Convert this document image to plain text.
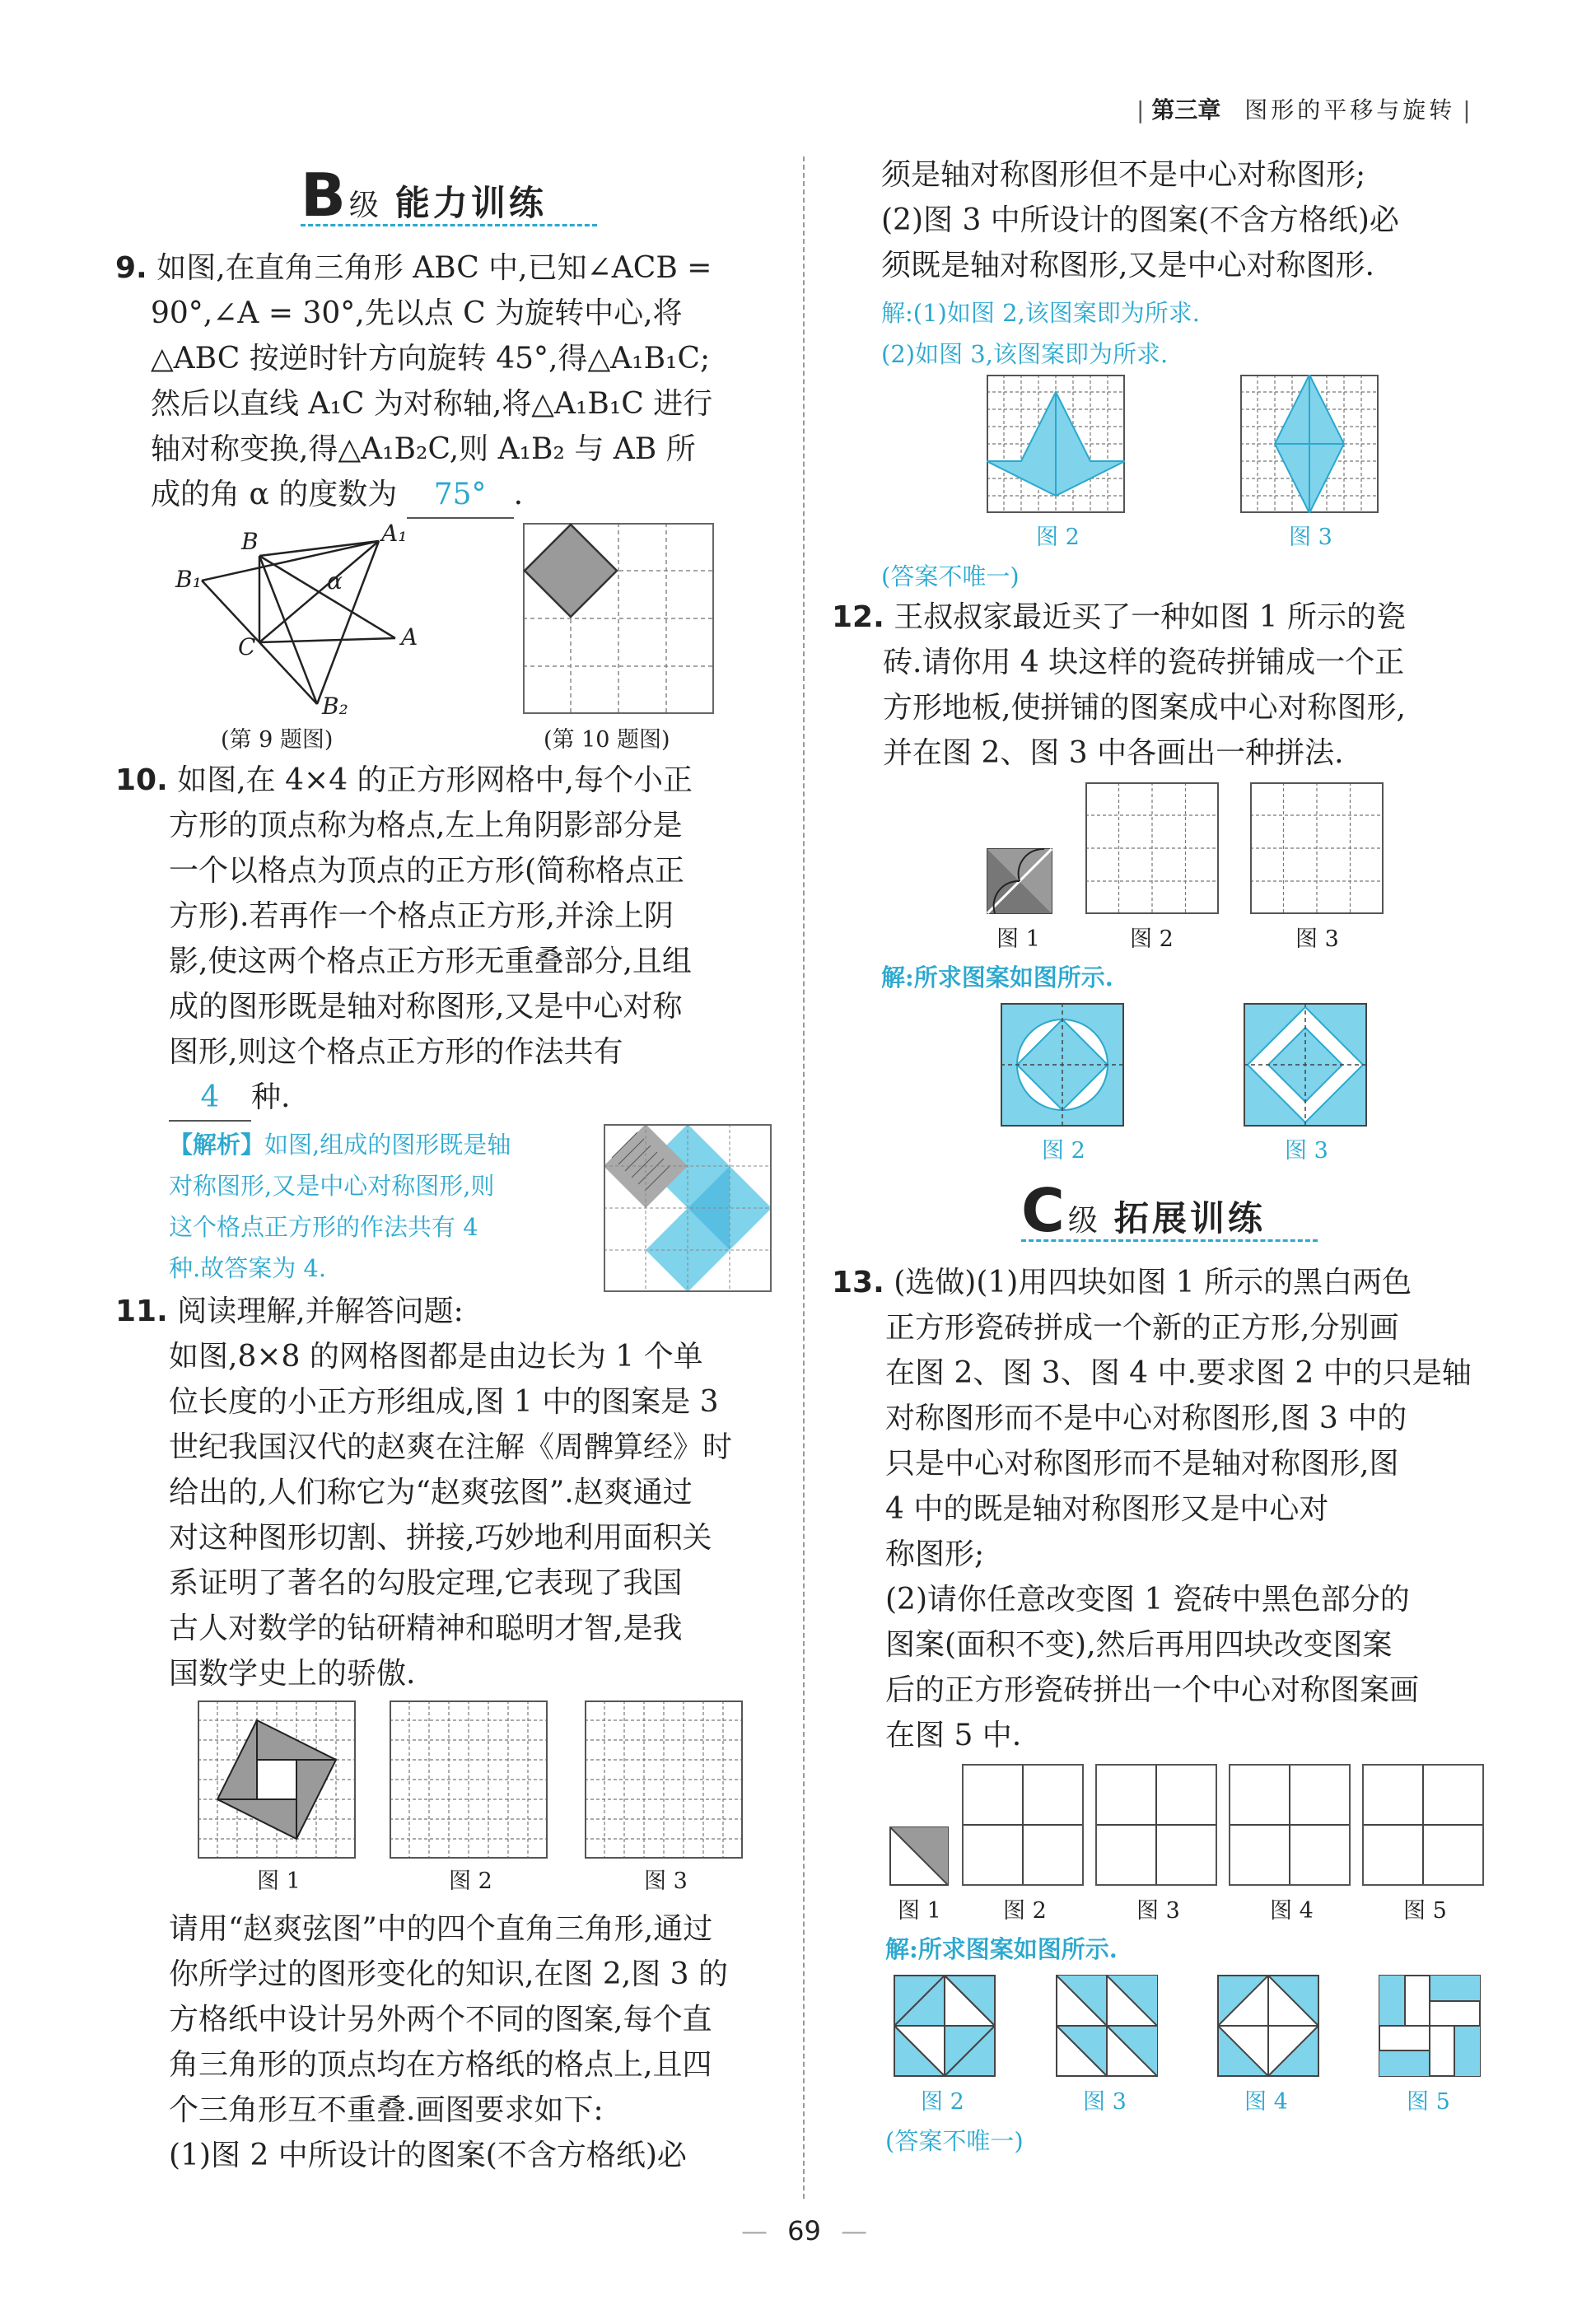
| 第三章 图形的平移与旋转 |
B 级 能力训练
9. 如图,在直角三角形 ABC 中,已知∠ACB =
90°,∠A = 30°,先以点 C 为旋转中心,将
△ABC 按逆时针方向旋转 45°,得△A₁B₁C;
然后以直线 A₁C 为对称轴,将△A₁B₁C 进行
轴对称变换,得△A₁B₂C,则 A₁B₂ 与 AB 所
成的角 α 的度数为 75° .
B	A₁
B₁	α
A
C
B₂
(第 9 题图)	(第 10 题图)
10. 如图,在 4×4 的正方形网格中,每个小正
方形的顶点称为格点,左上角阴影部分是
一个以格点为顶点的正方形(简称格点正
方形).若再作一个格点正方形,并涂上阴
影,使这两个格点正方形无重叠部分,且组
成的图形既是轴对称图形,又是中心对称
图形,则这个格点正方形的作法共有
4 种.
【解析】如图,组成的图形既是轴
对称图形,又是中心对称图形,则
这个格点正方形的作法共有 4
种.故答案为 4.
11. 阅读理解,并解答问题:
如图,8×8 的网格图都是由边长为 1 个单
位长度的小正方形组成,图 1 中的图案是 3
世纪我国汉代的赵爽在注解《周髀算经》时
给出的,人们称它为“赵爽弦图”.赵爽通过
对这种图形切割、拼接,巧妙地利用面积关
系证明了著名的勾股定理,它表现了我国
古人对数学的钻研精神和聪明才智,是我
国数学史上的骄傲.
图 1	图 2	图 3
请用“赵爽弦图”中的四个直角三角形,通过
你所学过的图形变化的知识,在图 2,图 3 的
方格纸中设计另外两个不同的图案,每个直
角三角形的顶点均在方格纸的格点上,且四
个三角形互不重叠.画图要求如下:
(1)图 2 中所设计的图案(不含方格纸)必
须是轴对称图形但不是中心对称图形;
(2)图 3 中所设计的图案(不含方格纸)必
须既是轴对称图形,又是中心对称图形.
解:(1)如图 2,该图案即为所求.
(2)如图 3,该图案即为所求.
图 2	图 3
(答案不唯一)
12. 王叔叔家最近买了一种如图 1 所示的瓷
砖.请你用 4 块这样的瓷砖拼铺成一个正
方形地板,使拼铺的图案成中心对称图形,
并在图 2、图 3 中各画出一种拼法.
图 1	图 2	图 3
解:所求图案如图所示.
图 2	图 3
C 级 拓展训练
13. (选做)(1)用四块如图 1 所示的黑白两色
正方形瓷砖拼成一个新的正方形,分别画
在图 2、图 3、图 4 中.要求图 2 中的只是轴
对称图形而不是中心对称图形,图 3 中的
只是中心对称图形而不是轴对称图形,图
4 中的既是轴对称图形又是中心对
称图形;
(2)请你任意改变图 1 瓷砖中黑色部分的
图案(面积不变),然后再用四块改变图案
后的正方形瓷砖拼出一个中心对称图案画
在图 5 中.
图 1	图 2	图 3	图 4	图 5
解:所求图案如图所示.
图 2	图 3	图 4	图 5
(答案不唯一)
— 69 —
